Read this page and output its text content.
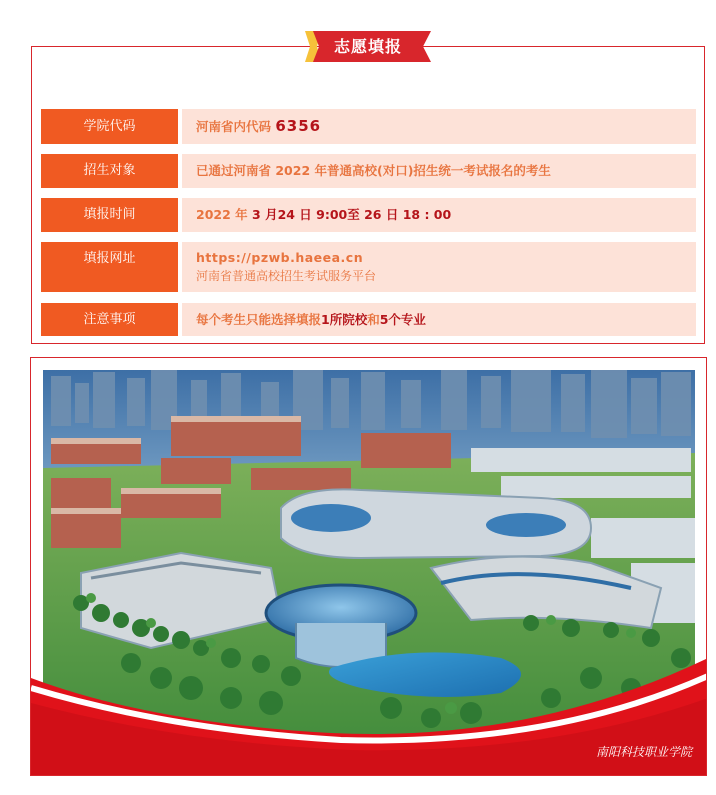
志愿填报
学院代码	河南省内代码 6356
招生对象	已通过河南省 2022 年普通高校(对口)招生统一考试报名的考生
填报时间	2022 年 3 月24 日 9:00至 26 日 18 : 00
填报网址	https://pzwb.haeea.cn
河南省普通高校招生考试服务平台
注意事项	每个考生只能选择填报1所院校和5个专业
南阳科技职业学院
